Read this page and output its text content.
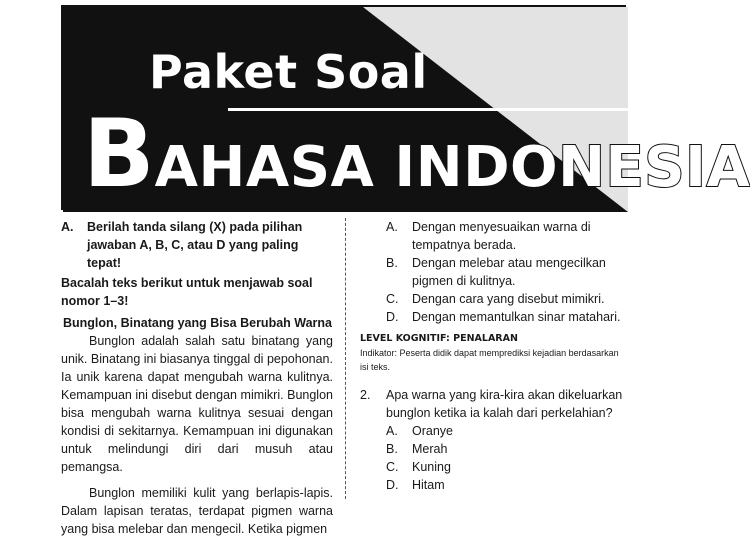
Paket Soal
BAHASA INDONESIA
A.	Berilah tanda silang (X) pada pilihan jawaban A, B, C, atau D yang paling tepat!
Bacalah teks berikut untuk menjawab soal nomor 1–3!
Bunglon, Binatang yang Bisa Berubah Warna

Bunglon adalah salah satu binatang yang unik. Binatang ini biasanya tinggal di pepohonan. Ia unik karena dapat mengubah warna kulitnya. Kemampuan ini disebut dengan mimikri. Bunglon bisa mengubah warna kulitnya sesuai dengan kondisi di sekitarnya. Kemampuan ini digunakan untuk melindungi diri dari musuh atau pemangsa.

Bunglon memiliki kulit yang berlapis-lapis. Dalam lapisan teratas, terdapat pigmen warna yang bisa melebar dan mengecil. Ketika pigmen

A.	Dengan menyesuaikan warna di tempatnya berada.
B.	Dengan melebar atau mengecilkan pigmen di kulitnya.
C.	Dengan cara yang disebut mimikri.
D.	Dengan memantulkan sinar matahari.
LEVEL KOGNITIF: PENALARAN
Indikator: Peserta didik dapat memprediksi kejadian berdasarkan isi teks.
2.	Apa warna yang kira-kira akan dikeluarkan bunglon ketika ia kalah dari perkelahian?
A.	Oranye
B.	Merah
C.	Kuning
D.	Hitam
